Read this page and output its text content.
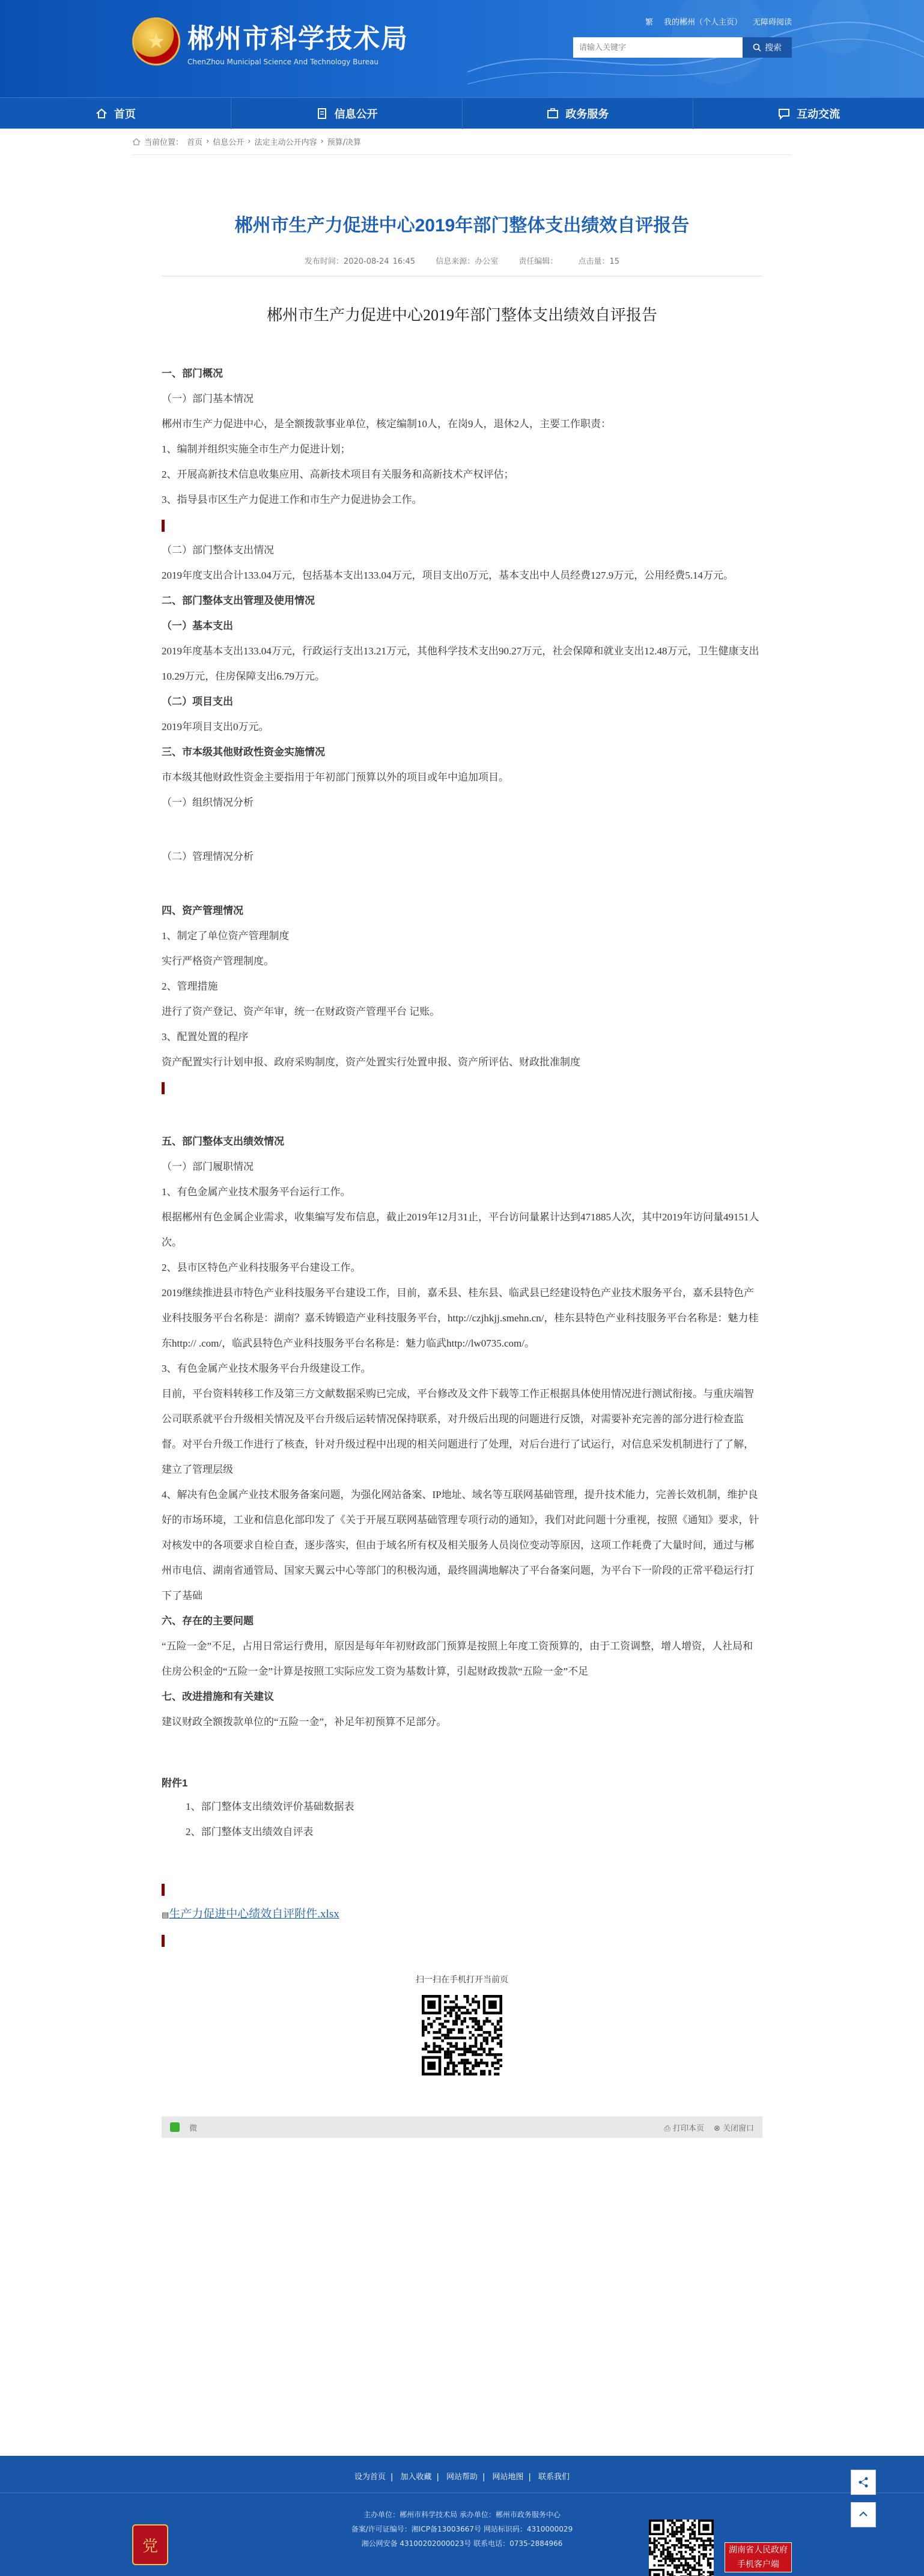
★ 郴州市科学技术局
ChenZhou Municipal Science And Technology Bureau
繁 我的郴州（个人主页） 无障碍阅读
请输入关键字
搜索
首页	信息公开	政务服务	互动交流
当前位置： 首页 › 信息公开 › 法定主动公开内容 › 预算/决算
郴州市生产力促进中心2019年部门整体支出绩效自评报告
发布时间：2020-08-24 16:45	信息来源：办公室	责任编辑：	点击量：15
郴州市生产力促进中心2019年部门整体支出绩效自评报告

一、部门概况

（一）部门基本情况

郴州市生产力促进中心，是全额拨款事业单位，核定编制10人，在岗9人，退休2人，主要工作职责：

1、编制并组织实施全市生产力促进计划；

2、开展高新技术信息收集应用、高新技术项目有关服务和高新技术产权评估；

3、指导县市区生产力促进工作和市生产力促进协会工作。

（二）部门整体支出情况

2019年度支出合计133.04万元，包括基本支出133.04万元，项目支出0万元，基本支出中人员经费127.9万元，公用经费5.14万元。

二、部门整体支出管理及使用情况

（一）基本支出

2019年度基本支出133.04万元，行政运行支出13.21万元，其他科学技术支出90.27万元，社会保障和就业支出12.48万元，卫生健康支出10.29万元，住房保障支出6.79万元。

（二）项目支出

2019年项目支出0万元。

三、市本级其他财政性资金实施情况

市本级其他财政性资金主要指用于年初部门预算以外的项目或年中追加项目。

（一）组织情况分析

（二）管理情况分析

四、资产管理情况

1、制定了单位资产管理制度

实行严格资产管理制度。

2、管理措施

进行了资产登记、资产年审，统一在财政资产管理平台 记账。

3、配置处置的程序

资产配置实行计划申报、政府采购制度，资产处置实行处置申报、资产所评估、财政批准制度

五、部门整体支出绩效情况

（一）部门履职情况

1、有色金属产业技术服务平台运行工作。

根据郴州有色金属企业需求，收集编写发布信息，截止2019年12月31止，平台访问量累计达到471885人次，其中2019年访问量49151人次。

2、县市区特色产业科技服务平台建设工作。

2019继续推进县市特色产业科技服务平台建设工作，目前，嘉禾县、桂东县、临武县已经建设特色产业技术服务平台，嘉禾县特色产业科技服务平台名称是：湖南？嘉禾铸锻造产业科技服务平台，http://czjhkjj.smehn.cn/，桂东县特色产业科技服务平台名称是：魅力桂东http:// .com/，临武县特色产业科技服务平台名称是：魅力临武http://lw0735.com/。

3、有色金属产业技术服务平台升级建设工作。

目前，平台资料转移工作及第三方文献数据采购已完成，平台修改及文件下载等工作正根据具体使用情况进行测试衔接。与重庆端智公司联系就平台升级相关情况及平台升级后运转情况保持联系，对升级后出现的问题进行反馈，对需要补充完善的部分进行检查监督。对平台升级工作进行了核查，针对升级过程中出现的相关问题进行了处理，对后台进行了试运行，对信息采发机制进行了了解，建立了管理层级

4、解决有色金属产业技术服务备案问题，为强化网站备案、IP地址、域名等互联网基础管理，提升技术能力，完善长效机制，维护良好的市场环境，工业和信息化部印发了《关于开展互联网基础管理专项行动的通知》，我们对此问题十分重视，按照《通知》要求，针对核发中的各项要求自检自查，逐步落实，但由于域名所有权及相关服务人员岗位变动等原因，这项工作耗费了大量时间，通过与郴州市电信、湖南省通管局、国家天翼云中心等部门的积极沟通，最终圆满地解决了平台备案问题，为平台下一阶段的正常平稳运行打下了基础

六、存在的主要问题

“五险一金”不足，占用日常运行费用，原因是每年年初财政部门预算是按照上年度工资预算的，由于工资调整，增人增资，人社局和住房公积金的“五险一金”计算是按照工实际应发工资为基数计算，引起财政拨款“五险一金”不足

七、改进措施和有关建议

建议财政全额拨款单位的“五险一金”，补足年初预算不足部分。

附件1

1、部门整体支出绩效评价基础数据表

2、部门整体支出绩效自评表

▤生产力促进中心绩效自评附件.xlsx

扫一扫在手机打开当前页
微	⎙ 打印本页 ⊗ 关闭窗口
设为首页 | 加入收藏 | 网站帮助 | 网站地图 | 联系我们
党
主办单位：郴州市科学技术局 承办单位：郴州市政务服务中心
备案/许可证编号：湘ICP备13003667号 网站标识码：4310000029
湘公网安备 43100202000023号 联系电话：0735-2884966
湖南省人民政府
手机客户端
